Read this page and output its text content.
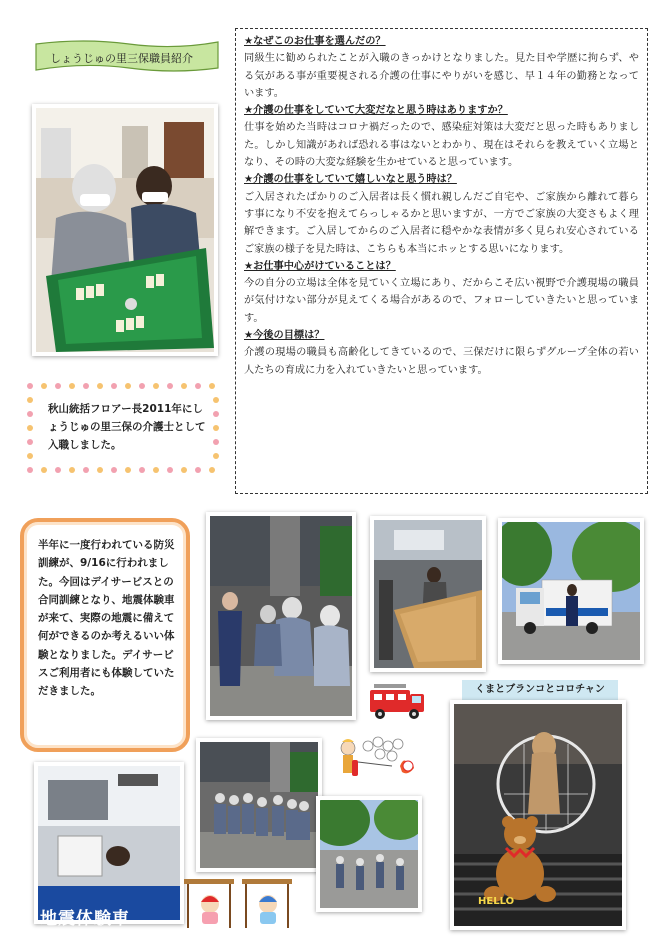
しょうじゅの里三保職員紹介
秋山統括フロアー長2011年にしょうじゅの里三保の介護士として入職しました。
★なぜこのお仕事を選んだの？
同級生に勧められたことが入職のきっかけとなりました。見た目や学歴に拘らず、やる気がある事が重要視される介護の仕事にやりがいを感じ、早１４年の勤務となっています。
★介護の仕事をしていて大変だなと思う時はありますか？
仕事を始めた当時はコロナ禍だったので、感染症対策は大変だと思った時もありました。しかし知識があれば恐れる事はないとわかり、現在はそれらを教えていく立場となり、その時の大変な経験を生かせていると思っています。
★介護の仕事をしていて嬉しいなと思う時は？
ご入居されたばかりのご入居者は長く慣れ親しんだご自宅や、ご家族から離れて暮らす事になり不安を抱えてらっしゃるかと思いますが、一方でご家族の大変さもよく理解できます。ご入居してからのご入居者に穏やかな表情が多く見られ安心されているご家族の様子を見た時は、こちらも本当にホッとする思いになります。
★お仕事中心がけていることは？
今の自分の立場は全体を見ていく立場にあり、だからこそ広い視野で介護現場の職員が気付けない部分が見えてくる場合があるので、フォローしていきたいと思っています。
★今後の目標は？
介護の現場の職員も高齢化してきているので、三保だけに限らずグループ全体の若い人たちの育成に力を入れていきたいと思っています。
半年に一度行われている防災訓練が、9/16に行われました。今回はデイサービスとの合同訓練となり、地震体験車が来て、実際の地震に備えて何ができるのか考えるいい体験となりました。デイサービスご利用者にも体験していただきました。
地震体験車
くまとブランコとコロチャン
HELLO
